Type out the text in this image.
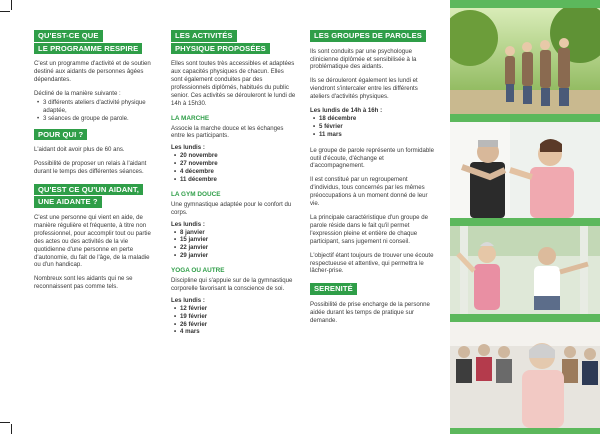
QU'EST-CE QUE
LE PROGRAMME RESPIRE

C'est un programme d'activité et de soutien destiné aux aidants de personnes âgées dépendantes.

Décliné de la manière suivante :

• 3 différents ateliers d'activité physique adaptée,
• 3 séances de groupe de parole.
POUR QUI ?

L'aidant doit avoir plus de 60 ans.

Possibilité de proposer un relais à l'aidant durant le temps des différentes séances.

QU'EST CE QU'UN AIDANT,
UNE AIDANTE ?

C'est une personne qui vient en aide, de manière régulière et fréquente, à titre non professionnel, pour accomplir tout ou partie des actes ou des activités de la vie quotidienne d'une personne en perte d'autonomie, du fait de l'âge, de la maladie ou d'un handicap.

Nombreux sont les aidants qui ne se reconnaissent pas comme tels.

LES ACTIVITÉS
PHYSIQUE PROPOSÉES

Elles sont toutes très accessibles et adaptées aux capacités physiques de chacun. Elles sont également conduites par des professionnels diplômés, habitués du public senior. Ces activités se dérouleront le lundi de 14h à 15h30.

LA MARCHE

Associe la marche douce et les échanges entre les participants.

Les lundis :
• 20 novembre
• 27 novembre
• 4 décembre
• 11 décembre
LA GYM DOUCE

Une gymnastique adaptée pour le confort du corps.

Les lundis :
• 8 janvier
• 15 janvier
• 22 janvier
• 29 janvier
YOGA OU AUTRE

Discipline qui s'appuie sur de la gymnastique corporelle favorisant la conscience de soi.

Les lundis :
• 12 février
• 19 février
• 26 février
• 4 mars
LES GROUPES DE PAROLES

Ils sont conduits par une psychologue clinicienne diplômée et sensibilisée à la problématique des aidants.

Ils se dérouleront également les lundi et viendront s'intercaler entre les différents ateliers d'activités physiques.

Les lundis de 14h à 16h :
• 18 décembre
• 5 février
• 11 mars

Le groupe de parole représente un formidable outil d'écoute, d'échange et d'accompagnement.

Il est constitué par un regroupement d'individus, tous concernés par les mêmes préoccupations à un moment donné de leur vie.

La principale caractéristique d'un groupe de parole réside dans le fait qu'il permet l'expression pleine et entière de chaque participant, sans jugement ni conseil.

L'objectif étant toujours de trouver une écoute respectueuse et attentive, qui permettra le lâcher-prise.

SERENITÉ

Possibilité de prise encharge de la personne aidée durant les temps de pratique sur demande.
